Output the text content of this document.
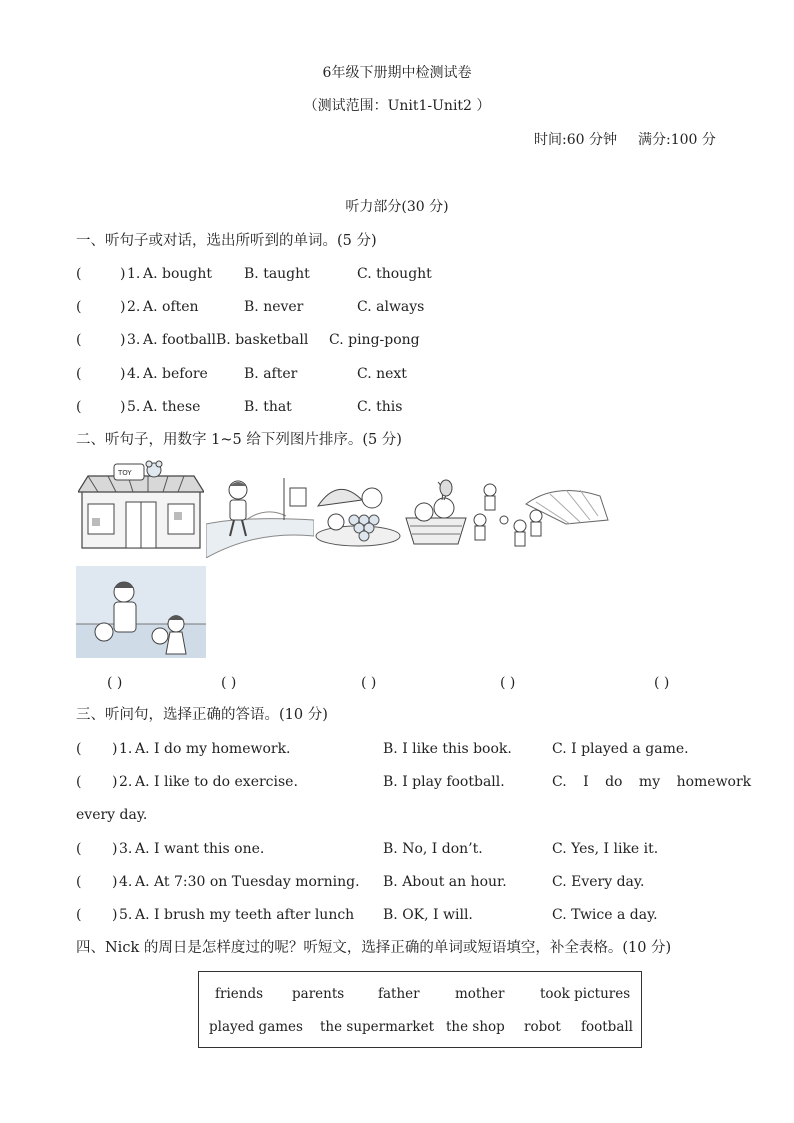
6年级下册期中检测试卷
（测试范围：Unit1-Unit2 ）
时间:60 分钟 满分:100 分
听力部分(30 分)
一、听句子或对话，选出所听到的单词。(5 分)
(	) 1. A. bought B. taught	C. thought
(	) 2. A. often	B. never	C. always
(	) 3. A. football B. basketball C. ping-pong
(	) 4. A. before	B. after	C. next
(	) 5. A. these	B. that	C. this
二、听句子，用数字 1~5 给下列图片排序。(5 分)
TOY
( )	( )	( )	( )	( )
三、听问句，选择正确的答语。(10 分)
( ) 1. A. I do my homework.	B. I like this book.	C. I played a game.
( ) 2. A. I like to do exercise.	B. I play football.	C. I do my homework
every day.
( ) 3. A. I want this one.	B. No, I don’t.	C. Yes, I like it.
( ) 4. A. At 7:30 on Tuesday morning. B. About an hour.	C. Every day.
( ) 5. A. I brush my teeth after lunch B. OK, I will.	C. Twice a day.
四、Nick 的周日是怎样度过的呢？听短文，选择正确的单词或短语填空，补全表格。(10 分)
friends parents	father	mother	took pictures
played games the supermarket the shop robot football
